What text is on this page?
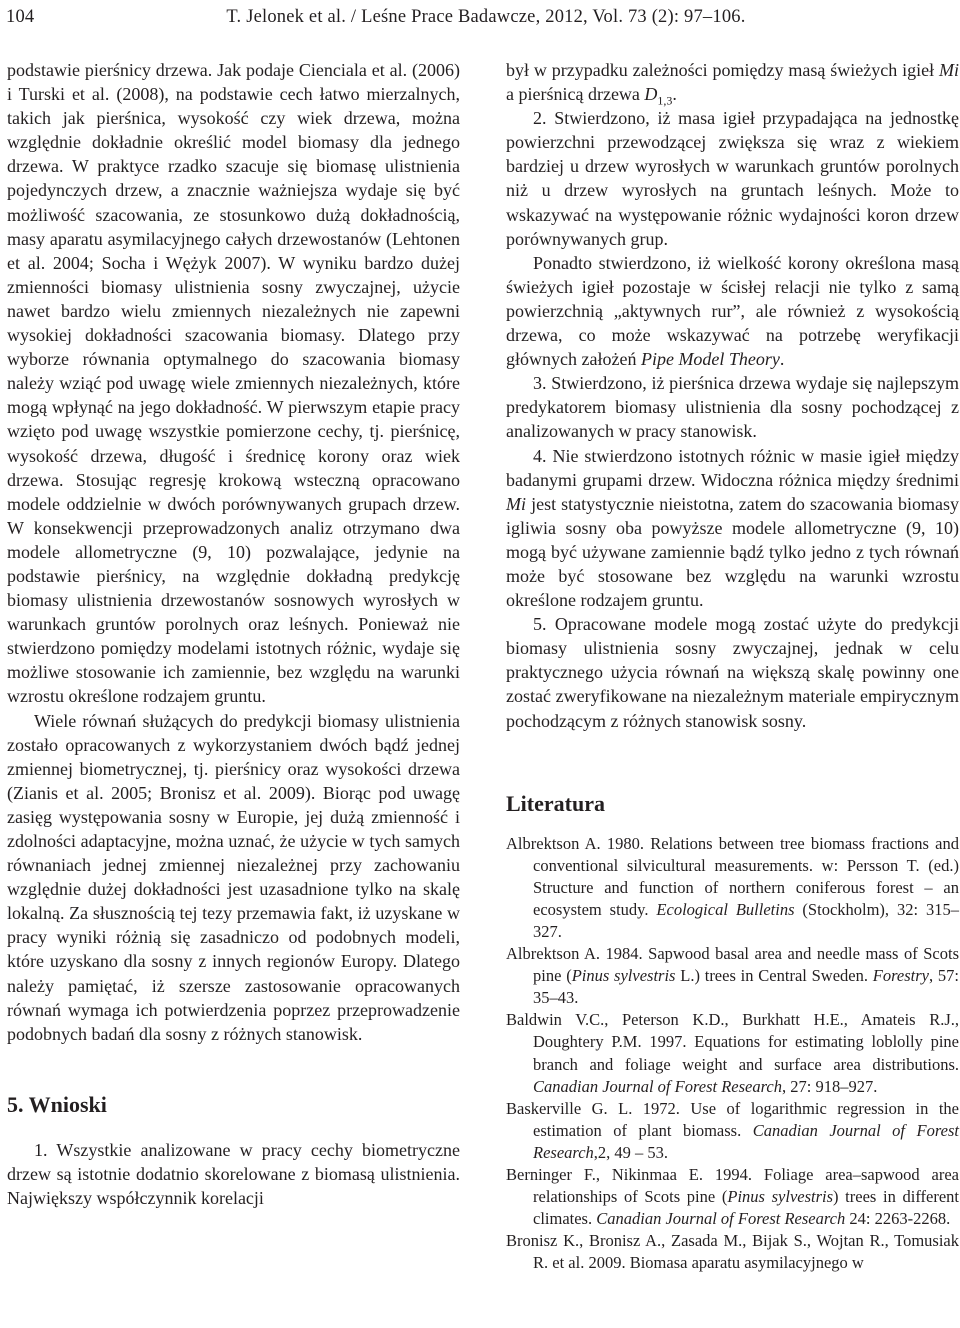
104	T. Jelonek et al. / Leśne Prace Badawcze, 2012, Vol. 73 (2): 97–106.

podstawie pierśnicy drzewa. Jak podaje Cienciala et al. (2006) i Turski et al. (2008), na podstawie cech łatwo mierzalnych, takich jak pierśnica, wysokość czy wiek drzewa, można względnie dokładnie określić model biomasy dla jednego drzewa. W praktyce rzadko szacuje się biomasę ulistnienia pojedynczych drzew, a znacznie ważniejsza wydaje się być możliwość szacowania, ze stosunkowo dużą dokładnością, masy aparatu asymilacyjnego całych drzewostanów (Lehtonen et al. 2004; Socha i Wężyk 2007). W wyniku bardzo dużej zmienności biomasy ulistnienia sosny zwyczajnej, użycie nawet bardzo wielu zmiennych niezależnych nie zapewni wysokiej dokładności szacowania biomasy. Dlatego przy wyborze równania optymalnego do szacowania biomasy należy wziąć pod uwagę wiele zmiennych niezależnych, które mogą wpłynąć na jego dokładność. W pierwszym etapie pracy wzięto pod uwagę wszystkie pomierzone cechy, tj. pierśnicę, wysokość drzewa, długość i średnicę korony oraz wiek drzewa. Stosując regresję krokową wsteczną opracowano modele oddzielnie w dwóch porównywanych grupach drzew. W konsekwencji przeprowadzonych analiz otrzymano dwa modele allometryczne (9, 10) pozwalające, jedynie na podstawie pierśnicy, na względnie dokładną predykcję biomasy ulistnienia drzewostanów sosnowych wyrosłych w warunkach gruntów porolnych oraz leśnych. Ponieważ nie stwierdzono pomiędzy modelami istotnych różnic, wydaje się możliwe stosowanie ich zamiennie, bez względu na warunki wzrostu określone rodzajem gruntu.

Wiele równań służących do predykcji biomasy ulistnienia zostało opracowanych z wykorzystaniem dwóch bądź jednej zmiennej biometrycznej, tj. pierśnicy oraz wysokości drzewa (Zianis et al. 2005; Bronisz et al. 2009). Biorąc pod uwagę zasięg występowania sosny w Europie, jej dużą zmienność i zdolności adaptacyjne, można uznać, że użycie w tych samych równaniach jednej zmiennej niezależnej przy zachowaniu względnie dużej dokładności jest uzasadnione tylko na skalę lokalną. Za słusznością tej tezy przemawia fakt, iż uzyskane w pracy wyniki różnią się zasadniczo od podobnych modeli, które uzyskano dla sosny z innych regionów Europy. Dlatego należy pamiętać, iż szersze zastosowanie opracowanych równań wymaga ich potwierdzenia poprzez przeprowadzenie podobnych badań dla sosny z różnych stanowisk.

5. Wnioski

1. Wszystkie analizowane w pracy cechy biometryczne drzew są istotnie dodatnio skorelowane z biomasą ulistnienia. Największy współczynnik korelacji

był w przypadku zależności pomiędzy masą świeżych igieł Mi a pierśnicą drzewa $D_{1,3}$.

2. Stwierdzono, iż masa igieł przypadająca na jednostkę powierzchni przewodzącej zwiększa się wraz z wiekiem bardziej u drzew wyrosłych w warunkach gruntów porolnych niż u drzew wyrosłych na gruntach leśnych. Może to wskazywać na występowanie różnic wydajności koron drzew porównywanych grup.

Ponadto stwierdzono, iż wielkość korony określona masą świeżych igieł pozostaje w ścisłej relacji nie tylko z samą powierzchnią „aktywnych rur”, ale również z wysokością drzewa, co może wskazywać na potrzebę weryfikacji głównych założeń Pipe Model Theory.

3. Stwierdzono, iż pierśnica drzewa wydaje się najlepszym predykatorem biomasy ulistnienia dla sosny pochodzącej z analizowanych w pracy stanowisk.

4. Nie stwierdzono istotnych różnic w masie igieł między badanymi grupami drzew. Widoczna różnica między średnimi Mi jest statystycznie nieistotna, zatem do szacowania biomasy igliwia sosny oba powyższe modele allometryczne (9, 10) mogą być używane zamiennie bądź tylko jedno z tych równań może być stosowane bez względu na warunki wzrostu określone rodzajem gruntu.

5. Opracowane modele mogą zostać użyte do predykcji biomasy ulistnienia sosny zwyczajnej, jednak w celu praktycznego użycia równań na większą skalę powinny one zostać zweryfikowane na niezależnym materiale empirycznym pochodzącym z różnych stanowisk sosny.

Literatura

Albrektson A. 1980. Relations between tree biomass fractions and conventional silvicultural measurements. w: Persson T. (ed.) Structure and function of northern coniferous forest – an ecosystem study. Ecological Bulletins (Stockholm), 32: 315–327.

Albrektson A. 1984. Sapwood basal area and needle mass of Scots pine (Pinus sylvestris L.) trees in Central Sweden. Forestry, 57: 35–43.

Baldwin V.C., Peterson K.D., Burkhatt H.E., Amateis R.J., Doughtery P.M. 1997. Equations for estimating loblolly pine branch and foliage weight and surface area distributions. Canadian Journal of Forest Research, 27: 918–927.

Baskerville G. L. 1972. Use of logarithmic regression in the estimation of plant biomass. Canadian Journal of Forest Research,2, 49 – 53.

Berninger F., Nikinmaa E. 1994. Foliage area–sapwood area relationships of Scots pine (Pinus sylvestris) trees in different climates. Canadian Journal of Forest Research 24: 2263-2268.

Bronisz K., Bronisz A., Zasada M., Bijak S., Wojtan R., Tomusiak R. et al. 2009. Biomasa aparatu asymilacyjnego w
